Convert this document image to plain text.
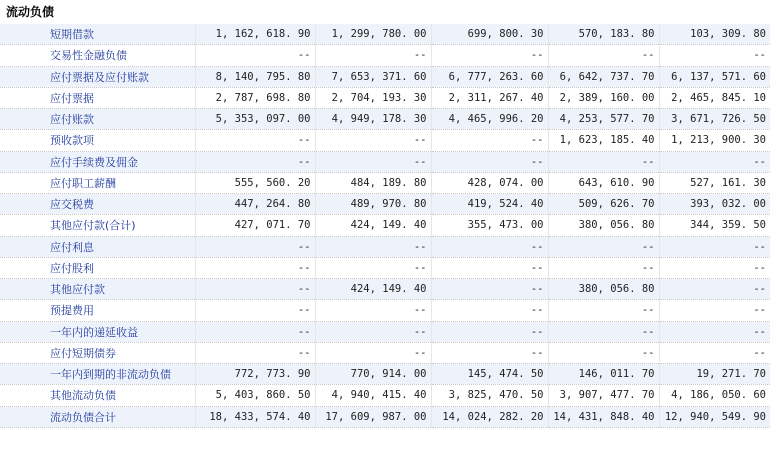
流动负债
短期借款	1, 162, 618. 90	1, 299, 780. 00	699, 800. 30	570, 183. 80	103, 309. 80
交易性金融负债	--	--	--	--	--
应付票据及应付账款	8, 140, 795. 80	7, 653, 371. 60	6, 777, 263. 60	6, 642, 737. 70	6, 137, 571. 60
应付票据	2, 787, 698. 80	2, 704, 193. 30	2, 311, 267. 40	2, 389, 160. 00	2, 465, 845. 10
应付账款	5, 353, 097. 00	4, 949, 178. 30	4, 465, 996. 20	4, 253, 577. 70	3, 671, 726. 50
预收款项	--	--	--	1, 623, 185. 40	1, 213, 900. 30
应付手续费及佣金	--	--	--	--	--
应付职工薪酬	555, 560. 20	484, 189. 80	428, 074. 00	643, 610. 90	527, 161. 30
应交税费	447, 264. 80	489, 970. 80	419, 524. 40	509, 626. 70	393, 032. 00
其他应付款(合计)	427, 071. 70	424, 149. 40	355, 473. 00	380, 056. 80	344, 359. 50
应付利息	--	--	--	--	--
应付股利	--	--	--	--	--
其他应付款	--	424, 149. 40	--	380, 056. 80	--
预提费用	--	--	--	--	--
一年内的递延收益	--	--	--	--	--
应付短期债券	--	--	--	--	--
一年内到期的非流动负债	772, 773. 90	770, 914. 00	145, 474. 50	146, 011. 70	19, 271. 70
其他流动负债	5, 403, 860. 50	4, 940, 415. 40	3, 825, 470. 50	3, 907, 477. 70	4, 186, 050. 60
流动负债合计	18, 433, 574. 40	17, 609, 987. 00	14, 024, 282. 20	14, 431, 848. 40	12, 940, 549. 90
